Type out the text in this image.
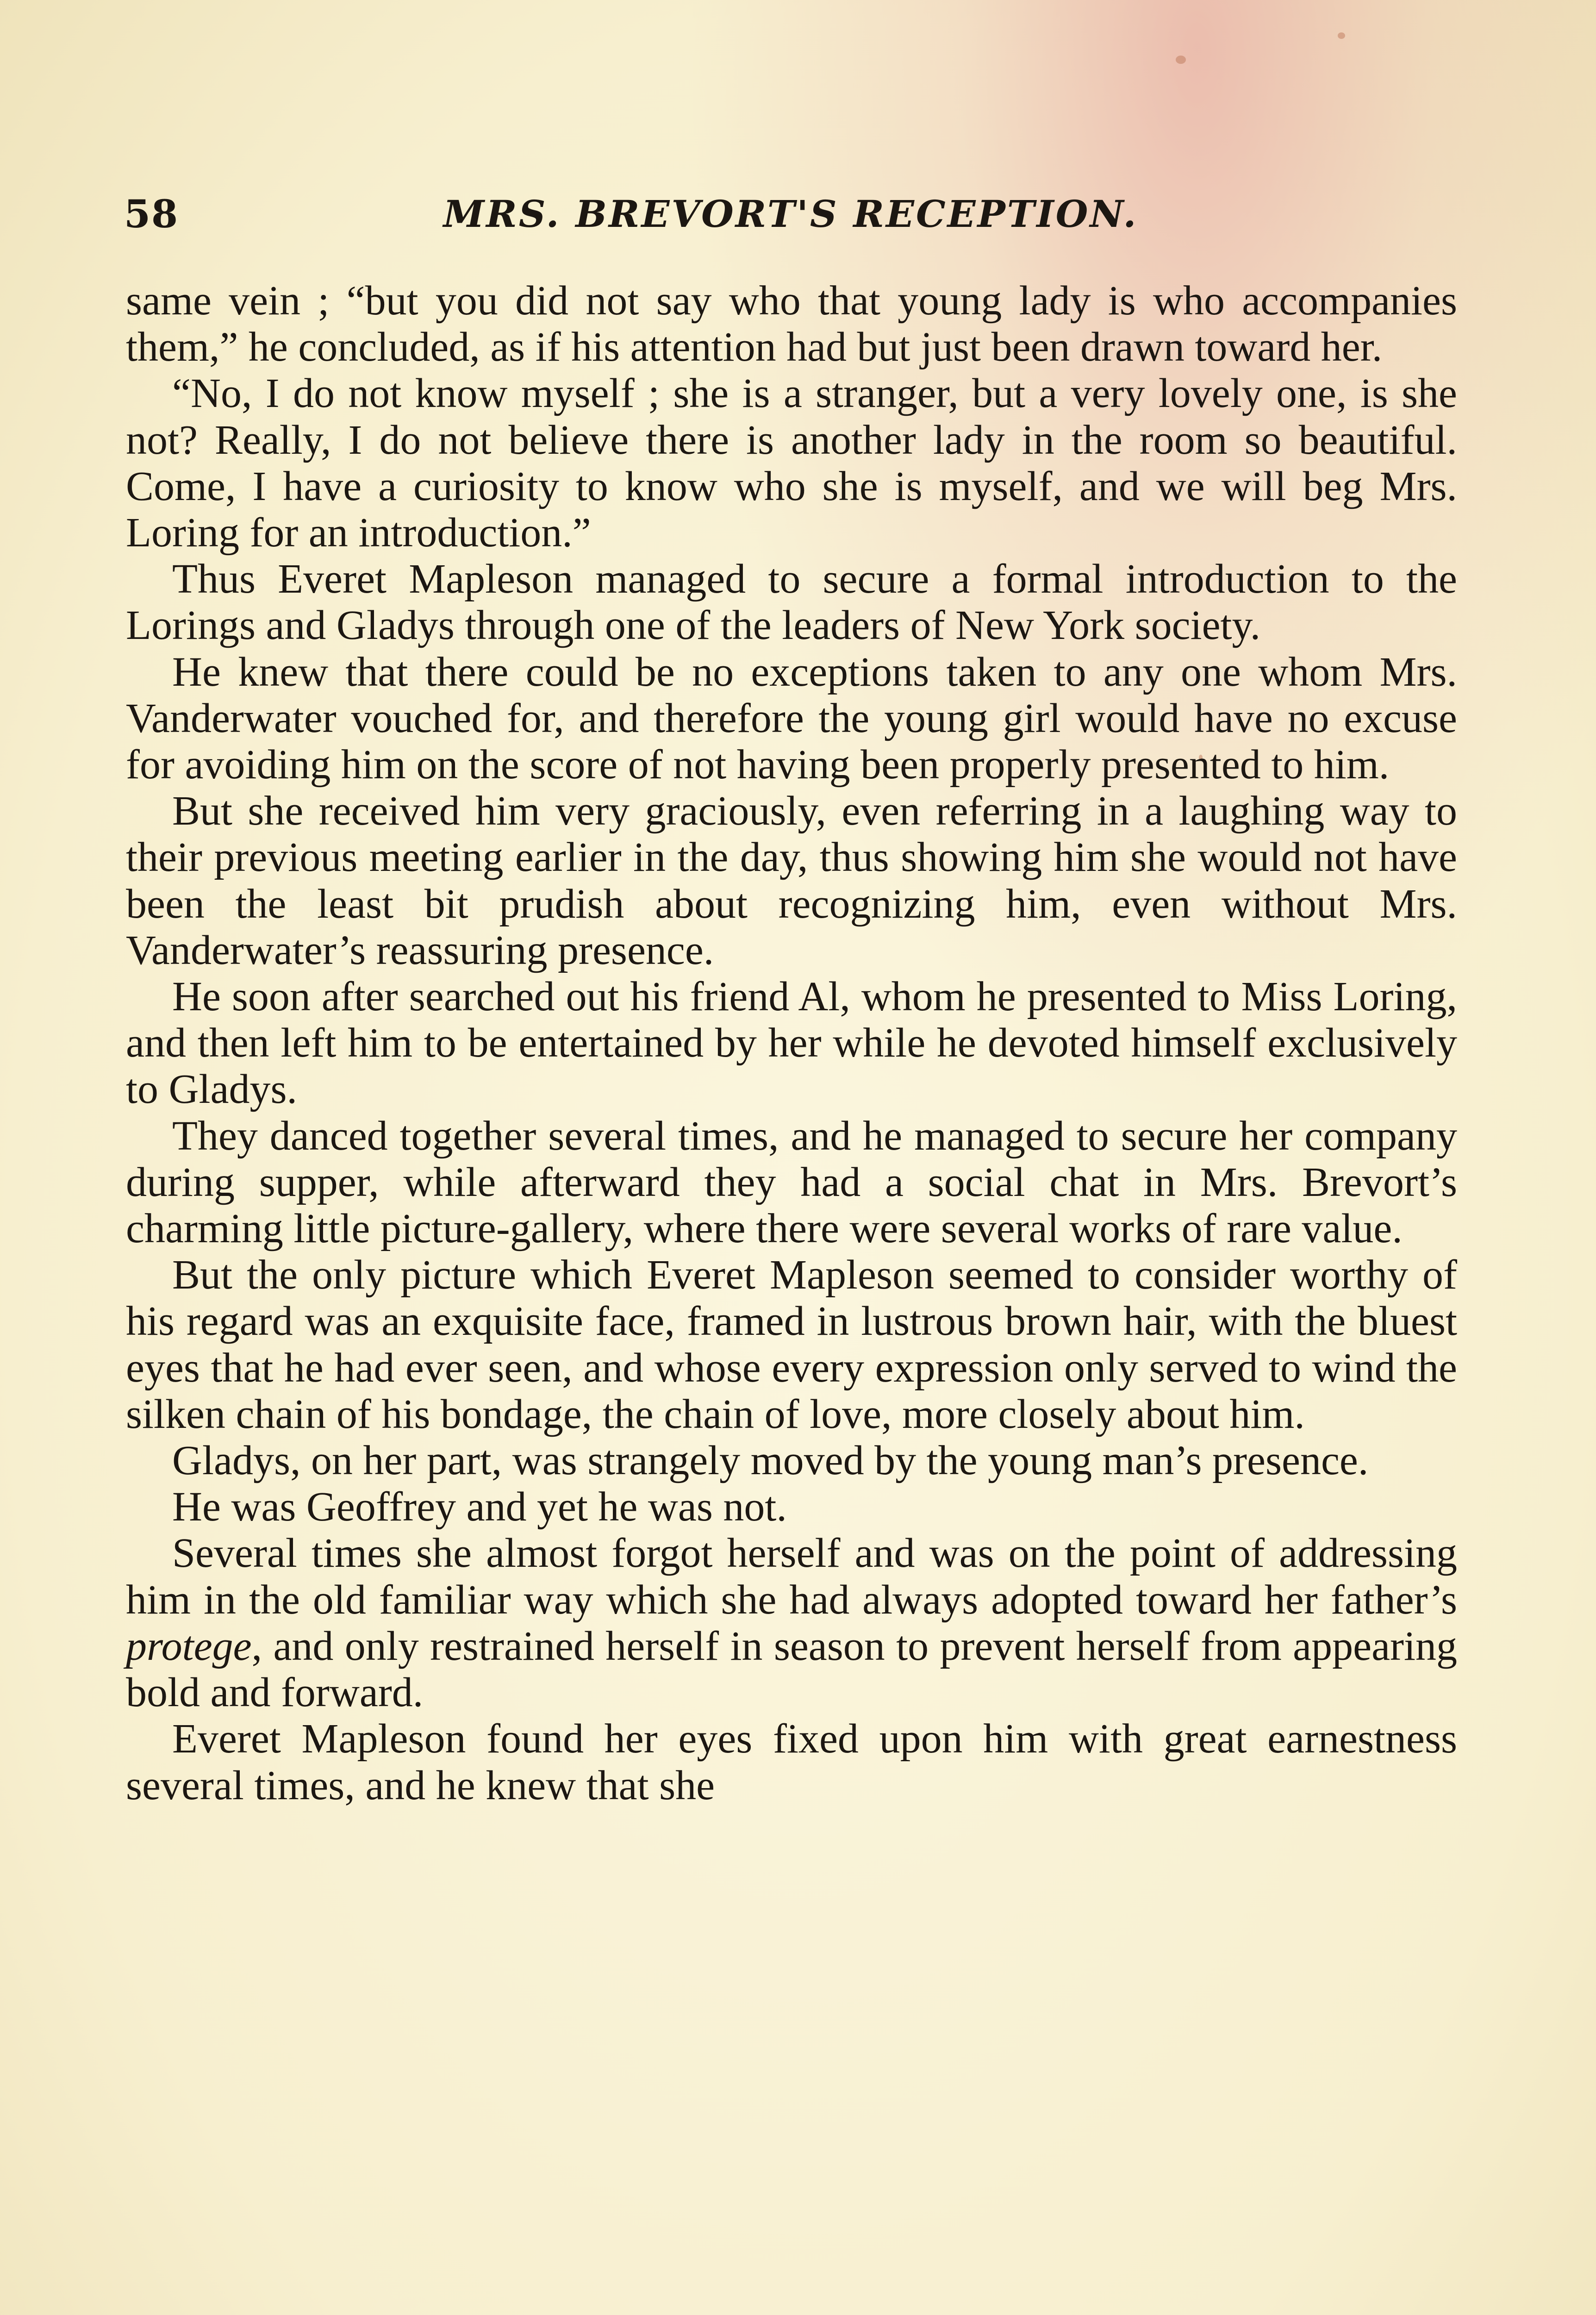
58	MRS. BREVORT'S RECEPTION.

same vein ; “but you did not say who that young lady is who accompanies them,” he concluded, as if his attention had but just been drawn toward her.

“No, I do not know myself ; she is a stranger, but a very lovely one, is she not? Really, I do not believe there is another lady in the room so beautiful. Come, I have a curiosity to know who she is myself, and we will beg Mrs. Loring for an introduction.”

Thus Everet Mapleson managed to secure a formal introduction to the Lorings and Gladys through one of the leaders of New York society.

He knew that there could be no exceptions taken to any one whom Mrs. Vanderwater vouched for, and therefore the young girl would have no excuse for avoiding him on the score of not having been properly presented to him.

But she received him very graciously, even referring in a laughing way to their previous meeting earlier in the day, thus showing him she would not have been the least bit prudish about recognizing him, even without Mrs. Vanderwater’s reassuring presence.

He soon after searched out his friend Al, whom he presented to Miss Loring, and then left him to be entertained by her while he devoted himself exclusively to Gladys.

They danced together several times, and he managed to secure her company during supper, while afterward they had a social chat in Mrs. Brevort’s charming little picture-gallery, where there were several works of rare value.

But the only picture which Everet Mapleson seemed to consider worthy of his regard was an exquisite face, framed in lustrous brown hair, with the bluest eyes that he had ever seen, and whose every expression only served to wind the silken chain of his bondage, the chain of love, more closely about him.

Gladys, on her part, was strangely moved by the young man’s presence.

He was Geoffrey and yet he was not.

Several times she almost forgot herself and was on the point of addressing him in the old familiar way which she had always adopted toward her father’s protege, and only restrained herself in season to prevent herself from appearing bold and forward.

Everet Mapleson found her eyes fixed upon him with great earnestness several times, and he knew that she
